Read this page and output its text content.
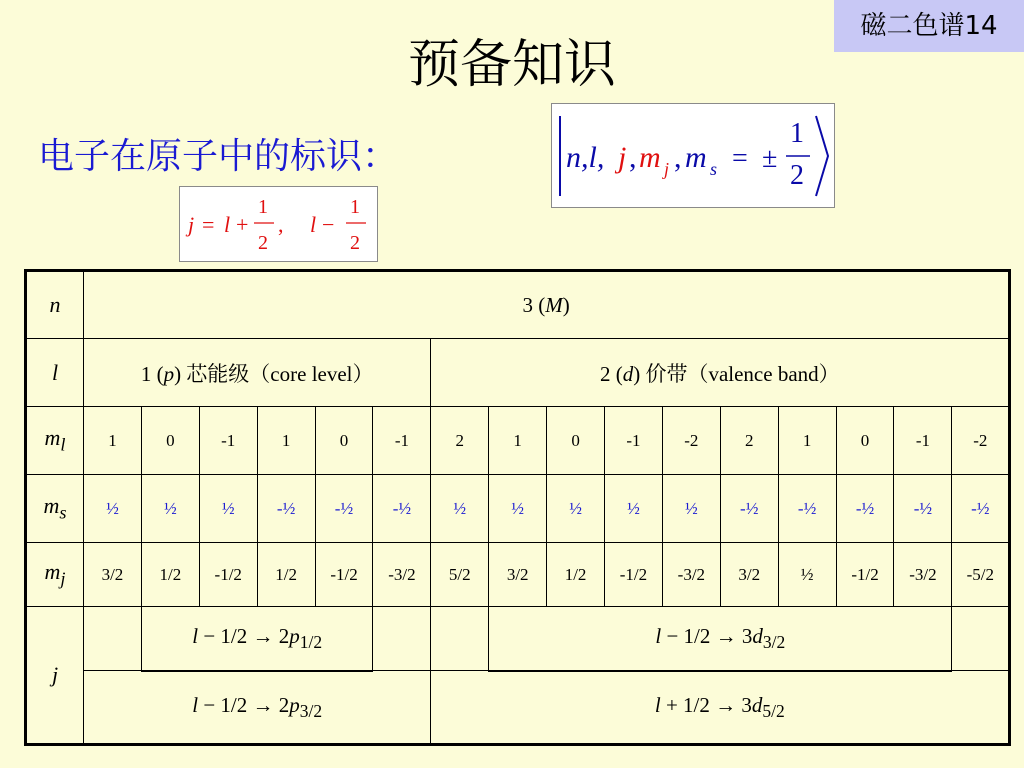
磁二色谱14
预备知识
电子在原子中的标识：	n,l, j , m j , m s = ±
1
2
j = l +
1
2
, l −
1
2
n	3 (M)															
l	1 (p) 芯能级（core level）						2 (d) 价带（valence band）									
$m_l$	1	0	-1	1	0	-1	2	1	0	-1	-2	2	1	0	-1	-2
$m_s$	½	½	½	-½	-½	-½	½	½	½	½	½	-½	-½	-½	-½	-½
$m_j$	3/2	1/2	-1/2	1/2	-1/2	-3/2	5/2	3/2	1/2	-1/2	-3/2	3/2	½	-1/2	-3/2	-5/2
j		$l - 1/2 \to 2p_{1/2}$						$l - 1/2 \to 3d_{3/2}$	
	$l - 1/2 \to 2p_{3/2}$						$l + 1/2 \to 3d_{5/2}$
